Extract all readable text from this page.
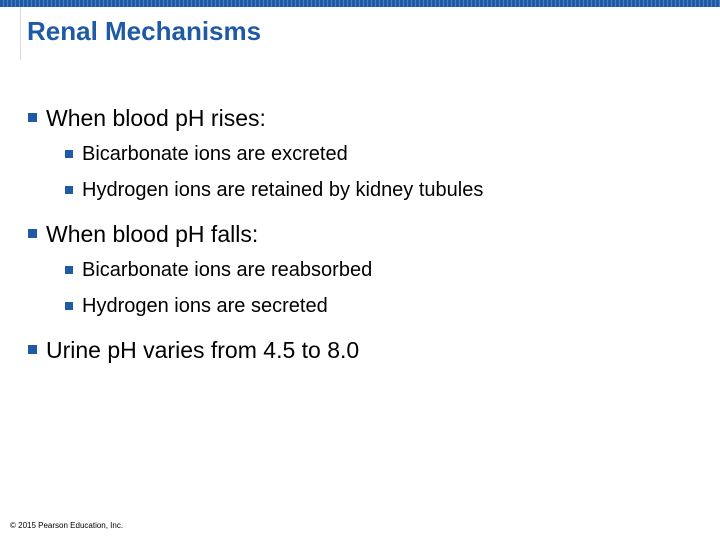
Renal Mechanisms
When blood pH rises:
Bicarbonate ions are excreted
Hydrogen ions are retained by kidney tubules
When blood pH falls:
Bicarbonate ions are reabsorbed
Hydrogen ions are secreted
Urine pH varies from 4.5 to 8.0
© 2015 Pearson Education, Inc.
